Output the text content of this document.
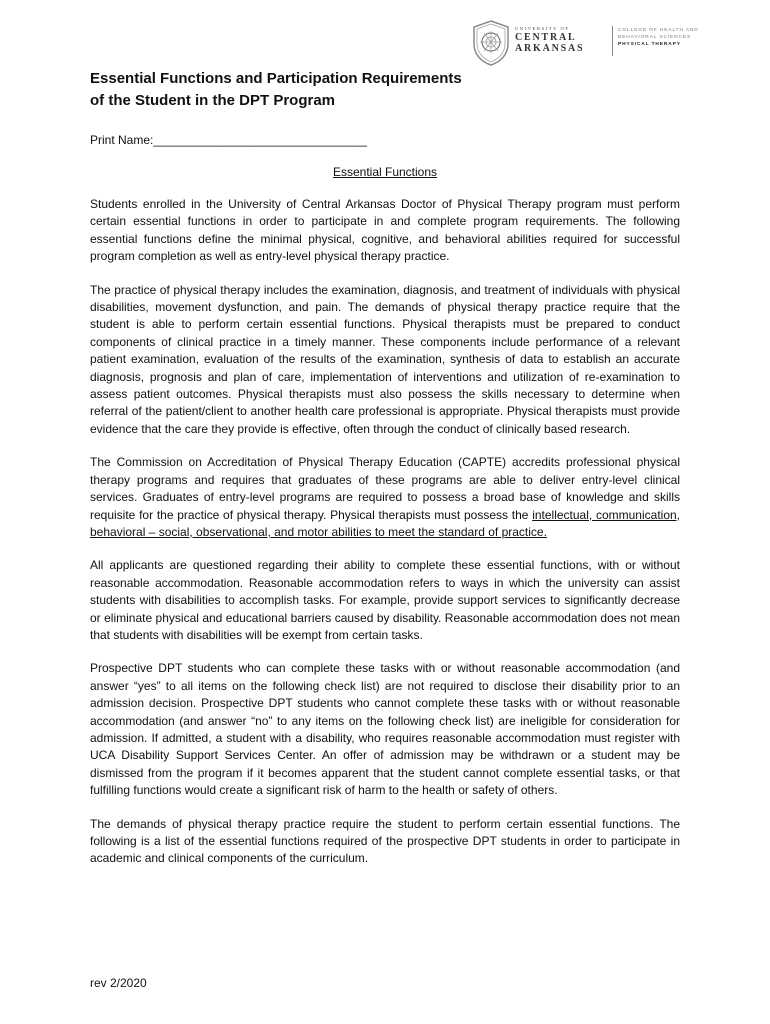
UNIVERSITY OF
CENTRAL
ARKANSAS
COLLEGE OF HEALTH AND
BEHAVIORAL SCIENCES
PHYSICAL THERAPY
Essential Functions and Participation Requirements
of the Student in the DPT Program
Print Name:________________________________
Essential Functions

Students enrolled in the University of Central Arkansas Doctor of Physical Therapy program must perform certain essential functions in order to participate in and complete program requirements. The following essential functions define the minimal physical, cognitive, and behavioral abilities required for successful program completion as well as entry-level physical therapy practice.

The practice of physical therapy includes the examination, diagnosis, and treatment of individuals with physical disabilities, movement dysfunction, and pain. The demands of physical therapy practice require that the student is able to perform certain essential functions. Physical therapists must be prepared to conduct components of clinical practice in a timely manner. These components include performance of a relevant patient examination, evaluation of the results of the examination, synthesis of data to establish an accurate diagnosis, prognosis and plan of care, implementation of interventions and utilization of re-examination to assess patient outcomes. Physical therapists must also possess the skills necessary to determine when referral of the patient/client to another health care professional is appropriate. Physical therapists must provide evidence that the care they provide is effective, often through the conduct of clinically based research.

The Commission on Accreditation of Physical Therapy Education (CAPTE) accredits professional physical therapy programs and requires that graduates of these programs are able to deliver entry-level clinical services. Graduates of entry-level programs are required to possess a broad base of knowledge and skills requisite for the practice of physical therapy. Physical therapists must possess the intellectual, communication, behavioral – social, observational, and motor abilities to meet the standard of practice.

All applicants are questioned regarding their ability to complete these essential functions, with or without reasonable accommodation. Reasonable accommodation refers to ways in which the university can assist students with disabilities to accomplish tasks. For example, provide support services to significantly decrease or eliminate physical and educational barriers caused by disability. Reasonable accommodation does not mean that students with disabilities will be exempt from certain tasks.

Prospective DPT students who can complete these tasks with or without reasonable accommodation (and answer “yes” to all items on the following check list) are not required to disclose their disability prior to an admission decision. Prospective DPT students who cannot complete these tasks with or without reasonable accommodation (and answer “no” to any items on the following check list) are ineligible for consideration for admission. If admitted, a student with a disability, who requires reasonable accommodation must register with UCA Disability Support Services Center. An offer of admission may be withdrawn or a student may be dismissed from the program if it becomes apparent that the student cannot complete essential tasks, or that fulfilling functions would create a significant risk of harm to the health or safety of others.

The demands of physical therapy practice require the student to perform certain essential functions. The following is a list of the essential functions required of the prospective DPT students in order to participate in academic and clinical components of the curriculum.

rev 2/2020
